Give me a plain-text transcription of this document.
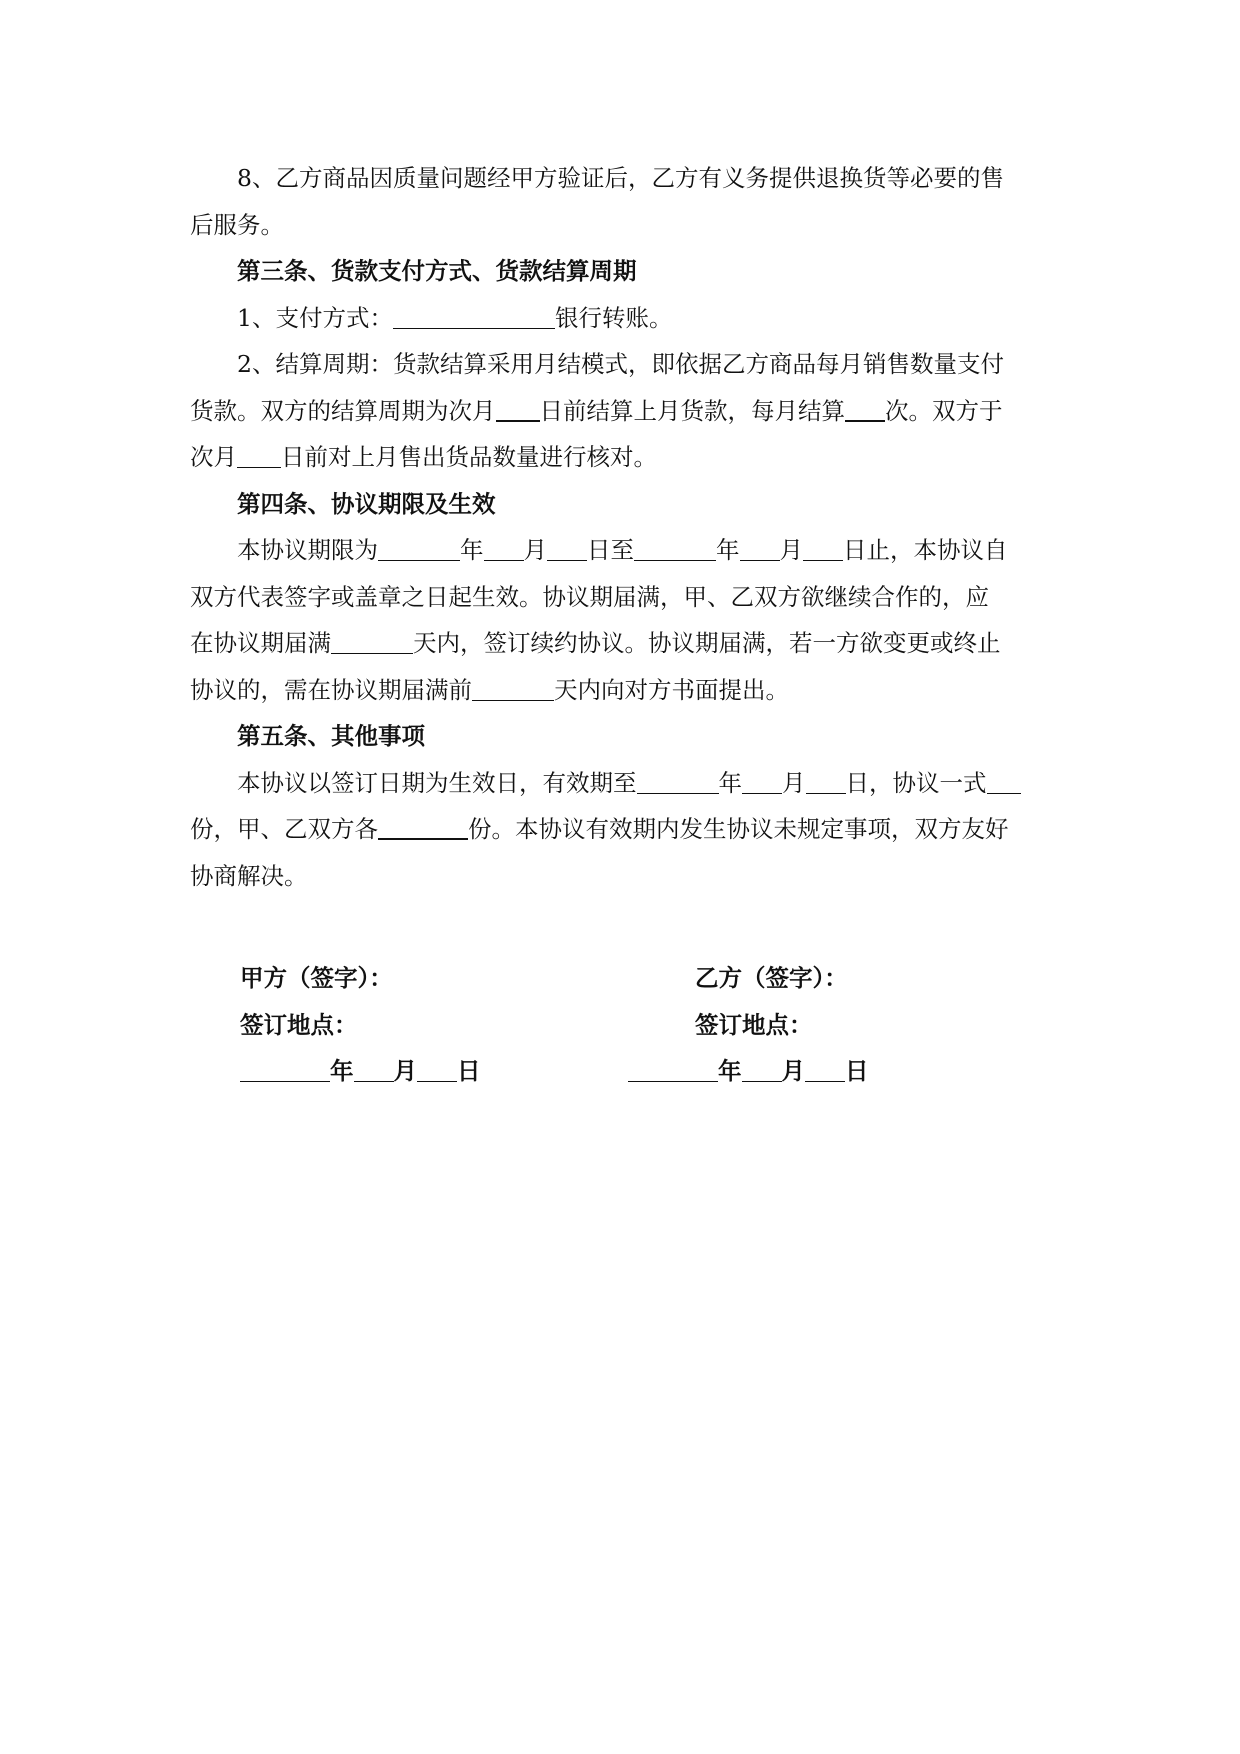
8、乙方商品因质量问题经甲方验证后，乙方有义务提供退换货等必要的售

后服务。

第三条、货款支付方式、货款结算周期

1、支付方式：	银行转账。

2、结算周期：货款结算采用月结模式，即依据乙方商品每月销售数量支付

货款。双方的结算周期为次月 日前结算上月货款，每月结算 次。双方于

次月 日前对上月售出货品数量进行核对。

第四条、协议期限及生效

本协议期限为	年 月 日至	年 月 日止，本协议自

双方代表签字或盖章之日起生效。协议期届满，甲、乙双方欲继续合作的，应

在协议期届满	天内，签订续约协议。协议期届满，若一方欲变更或终止

协议的，需在协议期届满前	天内向对方书面提出。

第五条、其他事项

本协议以签订日期为生效日，有效期至	年 月 日，协议一式

份，甲、乙双方各	份。本协议有效期内发生协议未规定事项，双方友好

协商解决。

甲方（签字）：
签订地点：
年 月 日
乙方（签字）：
签订地点：
年 月 日
